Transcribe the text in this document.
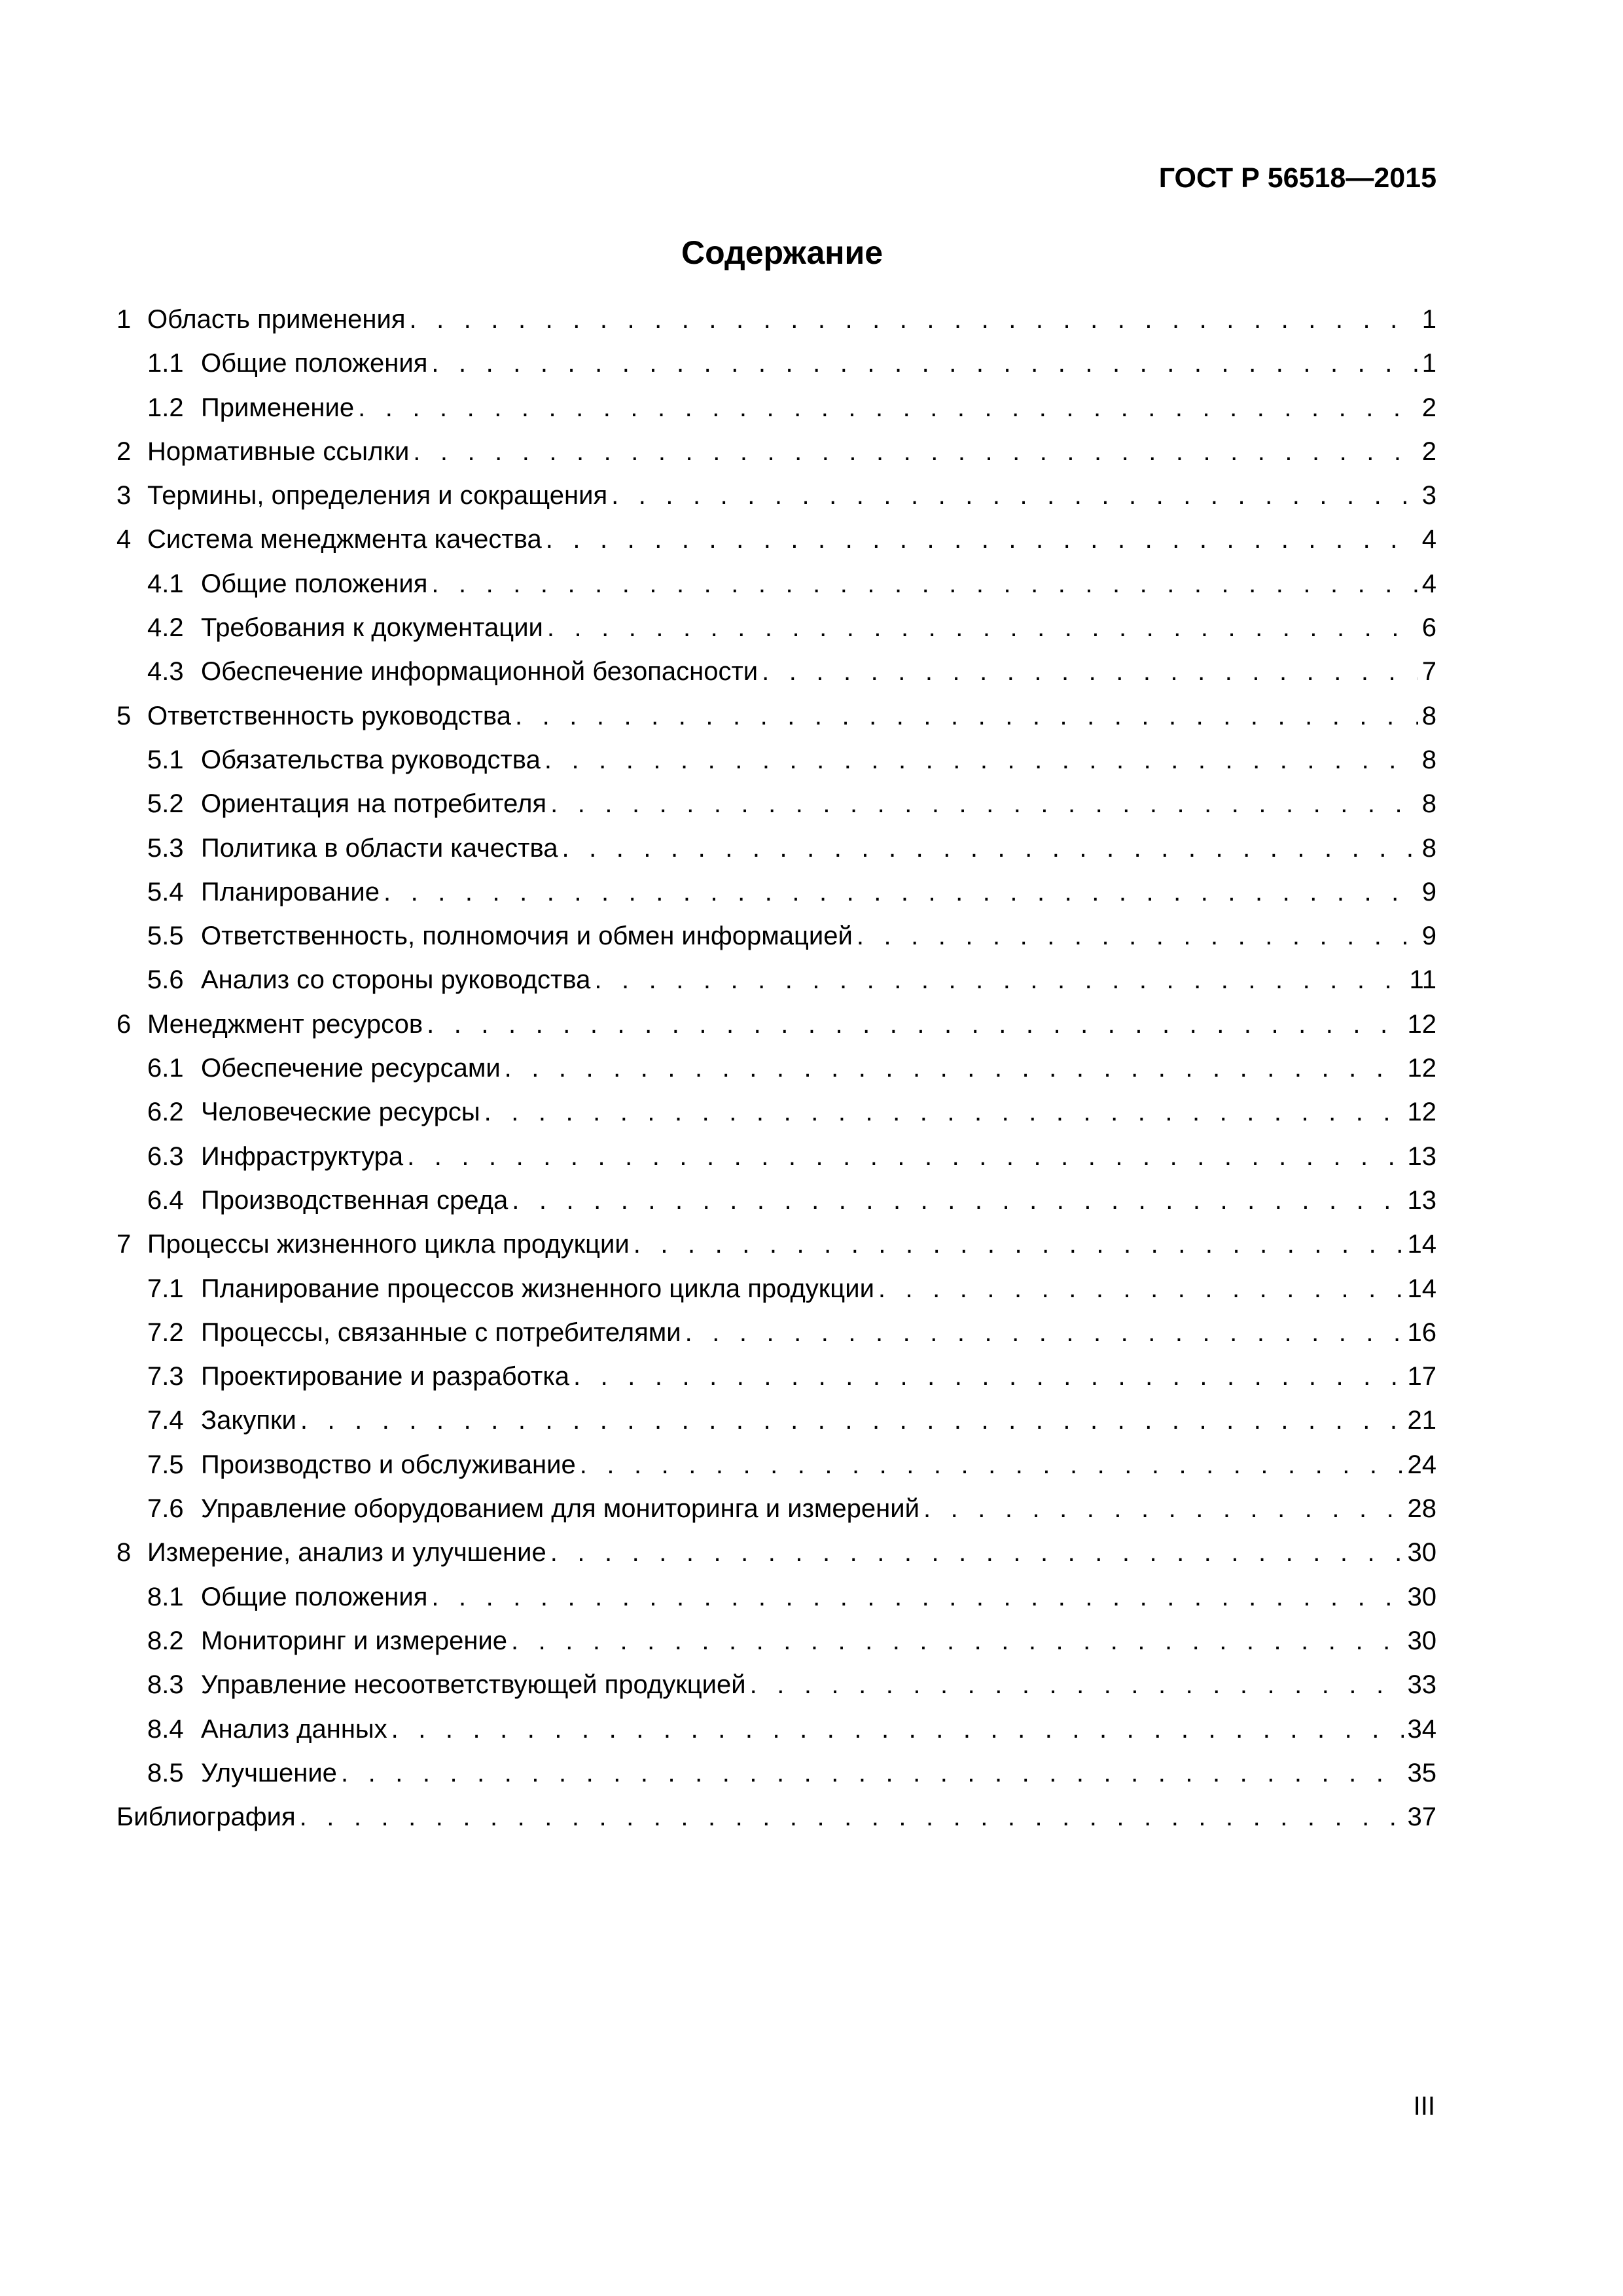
ГОСТ Р 56518—2015
Содержание
1 Область применения . . .	1
1.1 Общие положения . . .	1
1.2 Применение . . .	2
2 Нормативные ссылки . . .	2
3 Термины, определения и сокращения . . .	3
4 Система менеджмента качества . . .	4
4.1 Общие положения . . .	4
4.2 Требования к документации . . .	6
4.3 Обеспечение информационной безопасности . . .	7
5 Ответственность руководства . . .	8
5.1 Обязательства руководства . . .	8
5.2 Ориентация на потребителя . . .	8
5.3 Политика в области качества . . .	8
5.4 Планирование . . .	9
5.5 Ответственность, полномочия и обмен информацией . . .	9
5.6 Анализ со стороны руководства . . .	11
6 Менеджмент ресурсов . . .	12
6.1 Обеспечение ресурсами . . .	12
6.2 Человеческие ресурсы . . .	12
6.3 Инфраструктура . . .	13
6.4 Производственная среда . . .	13
7 Процессы жизненного цикла продукции . . .	14
7.1 Планирование процессов жизненного цикла продукции . . .	14
7.2 Процессы, связанные с потребителями . . .	16
7.3 Проектирование и разработка . . .	17
7.4 Закупки . . .	21
7.5 Производство и обслуживание . . .	24
7.6 Управление оборудованием для мониторинга и измерений . . .	28
8 Измерение, анализ и улучшение . . .	30
8.1 Общие положения . . .	30
8.2 Мониторинг и измерение . . .	30
8.3 Управление несоответствующей продукцией . . .	33
8.4 Анализ данных . . .	34
8.5 Улучшение . . .	35
Библиография . . .	37
III
